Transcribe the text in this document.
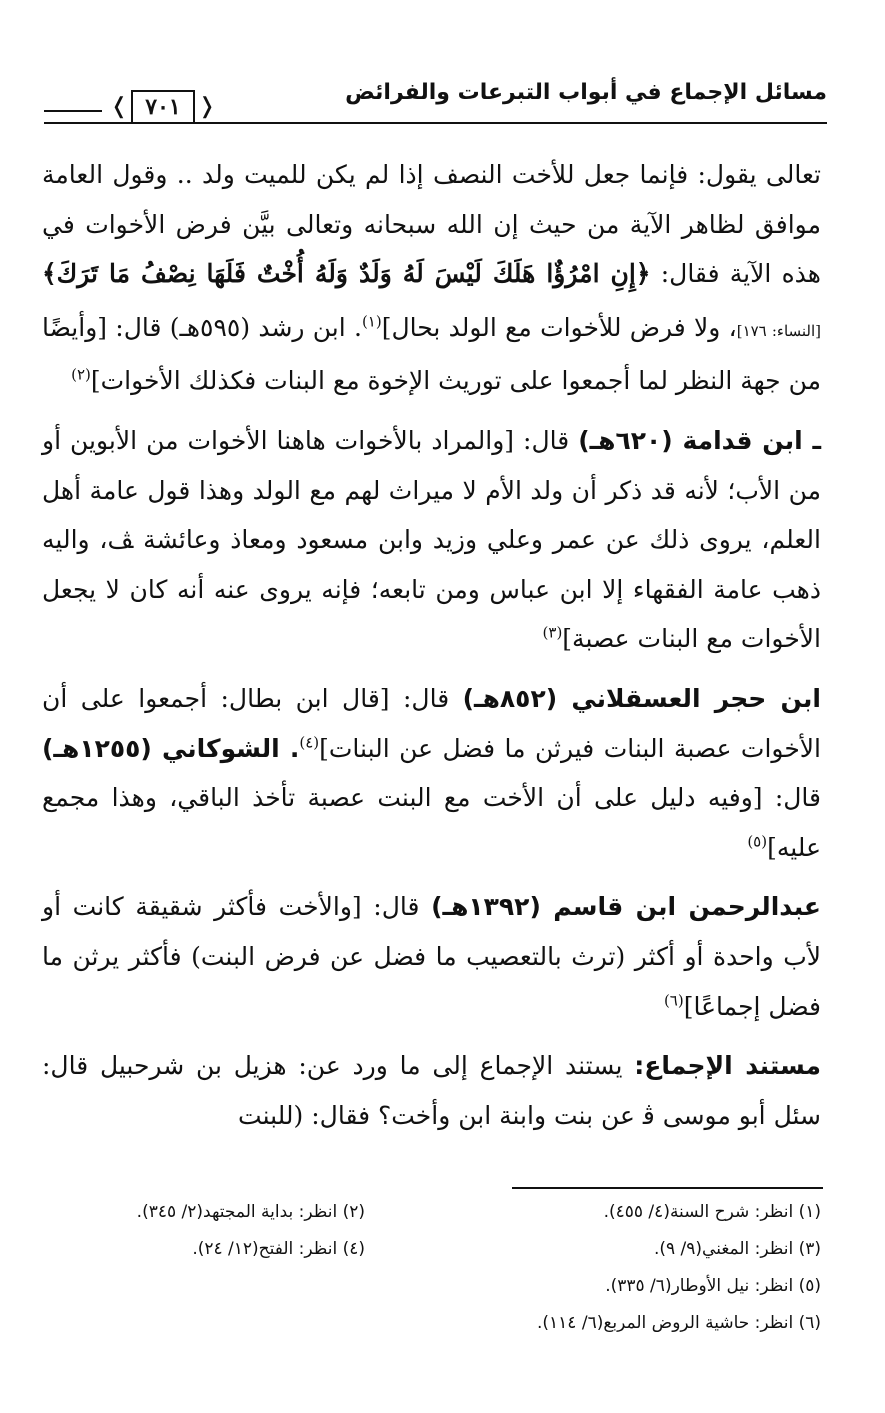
مسائل الإجماع في أبواب التبرعات والفرائض
❬ ٧٠١ ❭

تعالى يقول: فإنما جعل للأخت النصف إذا لم يكن للميت ولد .. وقول العامة موافق لظاهر الآية من حيث إن الله سبحانه وتعالى بيَّن فرض الأخوات في هذه الآية فقال: ﴿إِنِ امْرُؤٌا هَلَكَ لَيْسَ لَهُ وَلَدٌ وَلَهُ أُخْتٌ فَلَهَا نِصْفُ مَا تَرَكَ﴾ [النساء: ١٧٦]، ولا فرض للأخوات مع الولد بحال]$^{(١)}$. ابن رشد (٥٩٥هـ) قال: [وأيضًا من جهة النظر لما أجمعوا على توريث الإخوة مع البنات فكذلك الأخوات]$^{(٢)}$

ـ ابن قدامة (٦٢٠هـ) قال: [والمراد بالأخوات هاهنا الأخوات من الأبوين أو من الأب؛ لأنه قد ذكر أن ولد الأم لا ميراث لهم مع الولد وهذا قول عامة أهل العلم، يروى ذلك عن عمر وعلي وزيد وابن مسعود ومعاذ وعائشة ﭫ، واليه ذهب عامة الفقهاء إلا ابن عباس ومن تابعه؛ فإنه يروى عنه أنه كان لا يجعل الأخوات مع البنات عصبة]$^{(٣)}$

ابن حجر العسقلاني (٨٥٢هـ) قال: [قال ابن بطال: أجمعوا على أن الأخوات عصبة البنات فيرثن ما فضل عن البنات]$^{(٤)}$. الشوكاني (١٢٥٥هـ) قال: [وفيه دليل على أن الأخت مع البنت عصبة تأخذ الباقي، وهذا مجمع عليه]$^{(٥)}$

عبدالرحمن ابن قاسم (١٣٩٢هـ) قال: [والأخت فأكثر شقيقة كانت أو لأب واحدة أو أكثر (ترث بالتعصيب ما فضل عن فرض البنت) فأكثر يرثن ما فضل إجماعًا]$^{(٦)}$

مستند الإجماع: يستند الإجماع إلى ما ورد عن: هزيل بن شرحبيل قال: سئل أبو موسى ﭬ عن بنت وابنة ابن وأخت؟ فقال: (للبنت

(١) انظر: شرح السنة(٤/ ٤٥٥).
(٢) انظر: بداية المجتهد(٢/ ٣٤٥).
(٣) انظر: المغني(٩/ ٩).
(٤) انظر: الفتح(١٢/ ٢٤).
(٥) انظر: نيل الأوطار(٦/ ٣٣٥).
(٦) انظر: حاشية الروض المربع(٦/ ١١٤).
